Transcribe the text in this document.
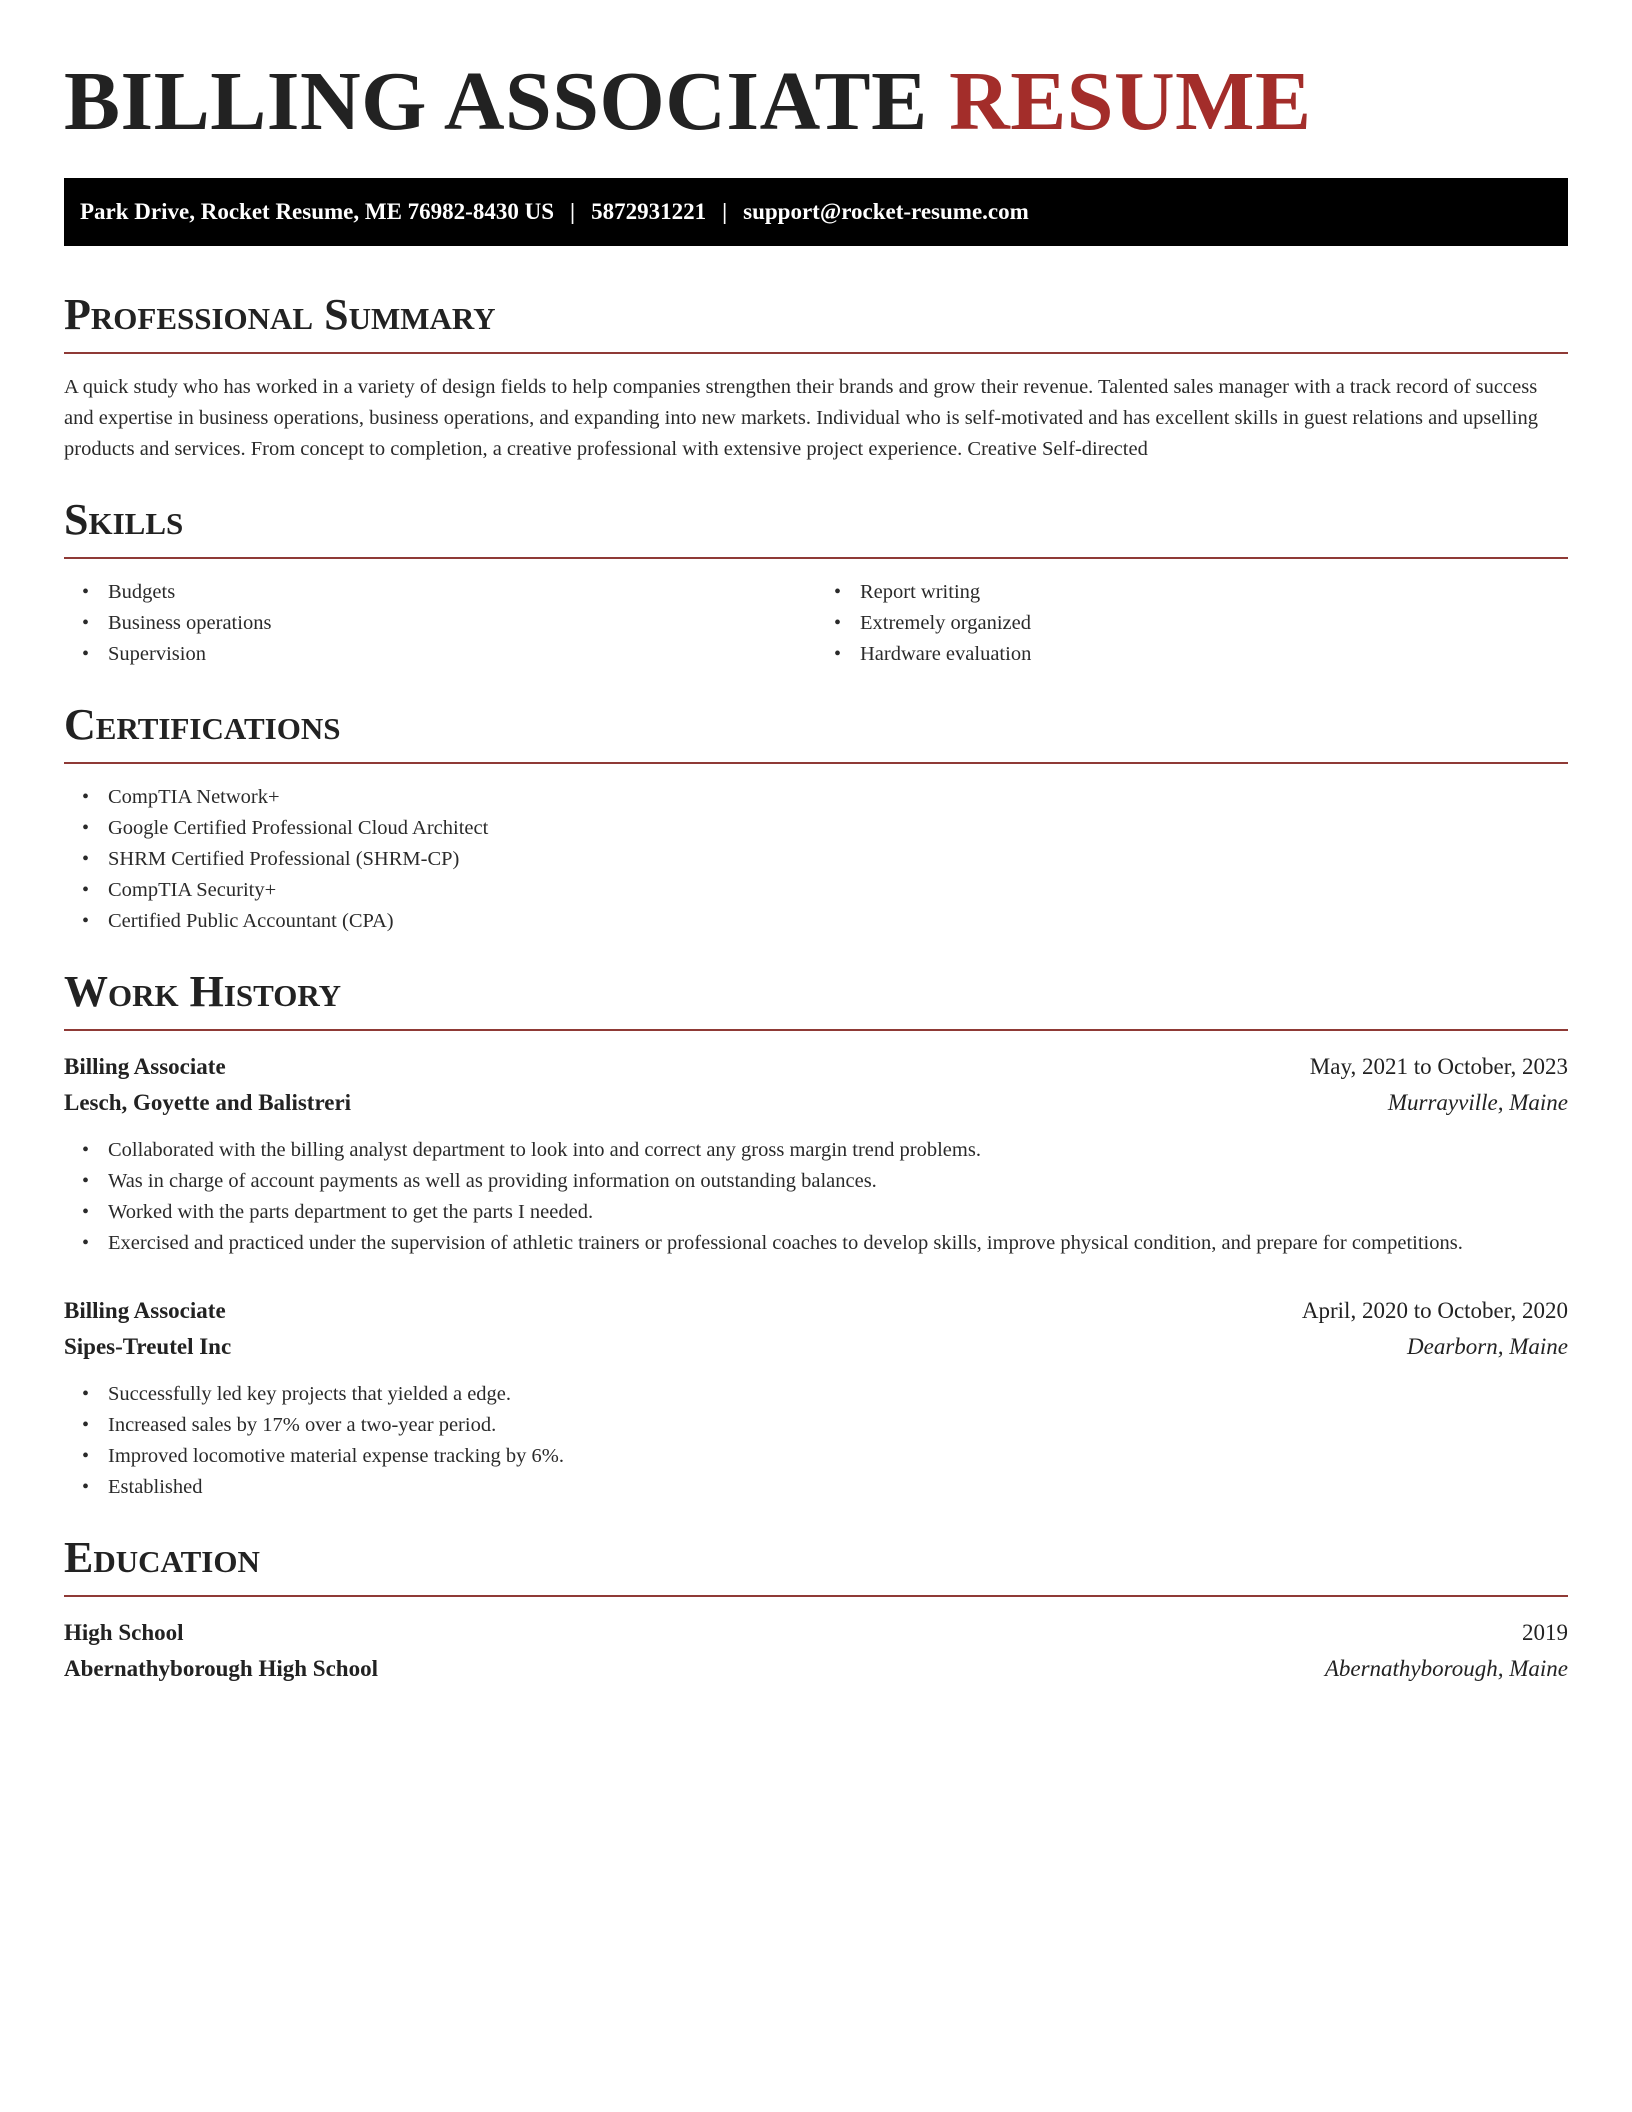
BILLING ASSOCIATE RESUME
Park Drive, Rocket Resume, ME 76982-8430 US | 5872931221 | support@rocket-resume.com
Professional Summary

A quick study who has worked in a variety of design fields to help companies strengthen their brands and grow their revenue. Talented sales manager with a track record of success and expertise in business operations, business operations, and expanding into new markets. Individual who is self-motivated and has excellent skills in guest relations and upselling products and services. From concept to completion, a creative professional with extensive project experience. Creative Self-directed

Skills
• Budgets
• Business operations
• Supervision
• Report writing
• Extremely organized
• Hardware evaluation
Certifications
• CompTIA Network+
• Google Certified Professional Cloud Architect
• SHRM Certified Professional (SHRM-CP)
• CompTIA Security+
• Certified Public Accountant (CPA)
Work History
Billing Associate	May, 2021 to October, 2023
Lesch, Goyette and Balistreri	Murrayville, Maine
• Collaborated with the billing analyst department to look into and correct any gross margin trend problems.
• Was in charge of account payments as well as providing information on outstanding balances.
• Worked with the parts department to get the parts I needed.
• Exercised and practiced under the supervision of athletic trainers or professional coaches to develop skills, improve physical condition, and prepare for competitions.
Billing Associate	April, 2020 to October, 2020
Sipes-Treutel Inc	Dearborn, Maine
• Successfully led key projects that yielded a edge.
• Increased sales by 17% over a two-year period.
• Improved locomotive material expense tracking by 6%.
• Established
Education
High School	2019
Abernathyborough High School	Abernathyborough, Maine
